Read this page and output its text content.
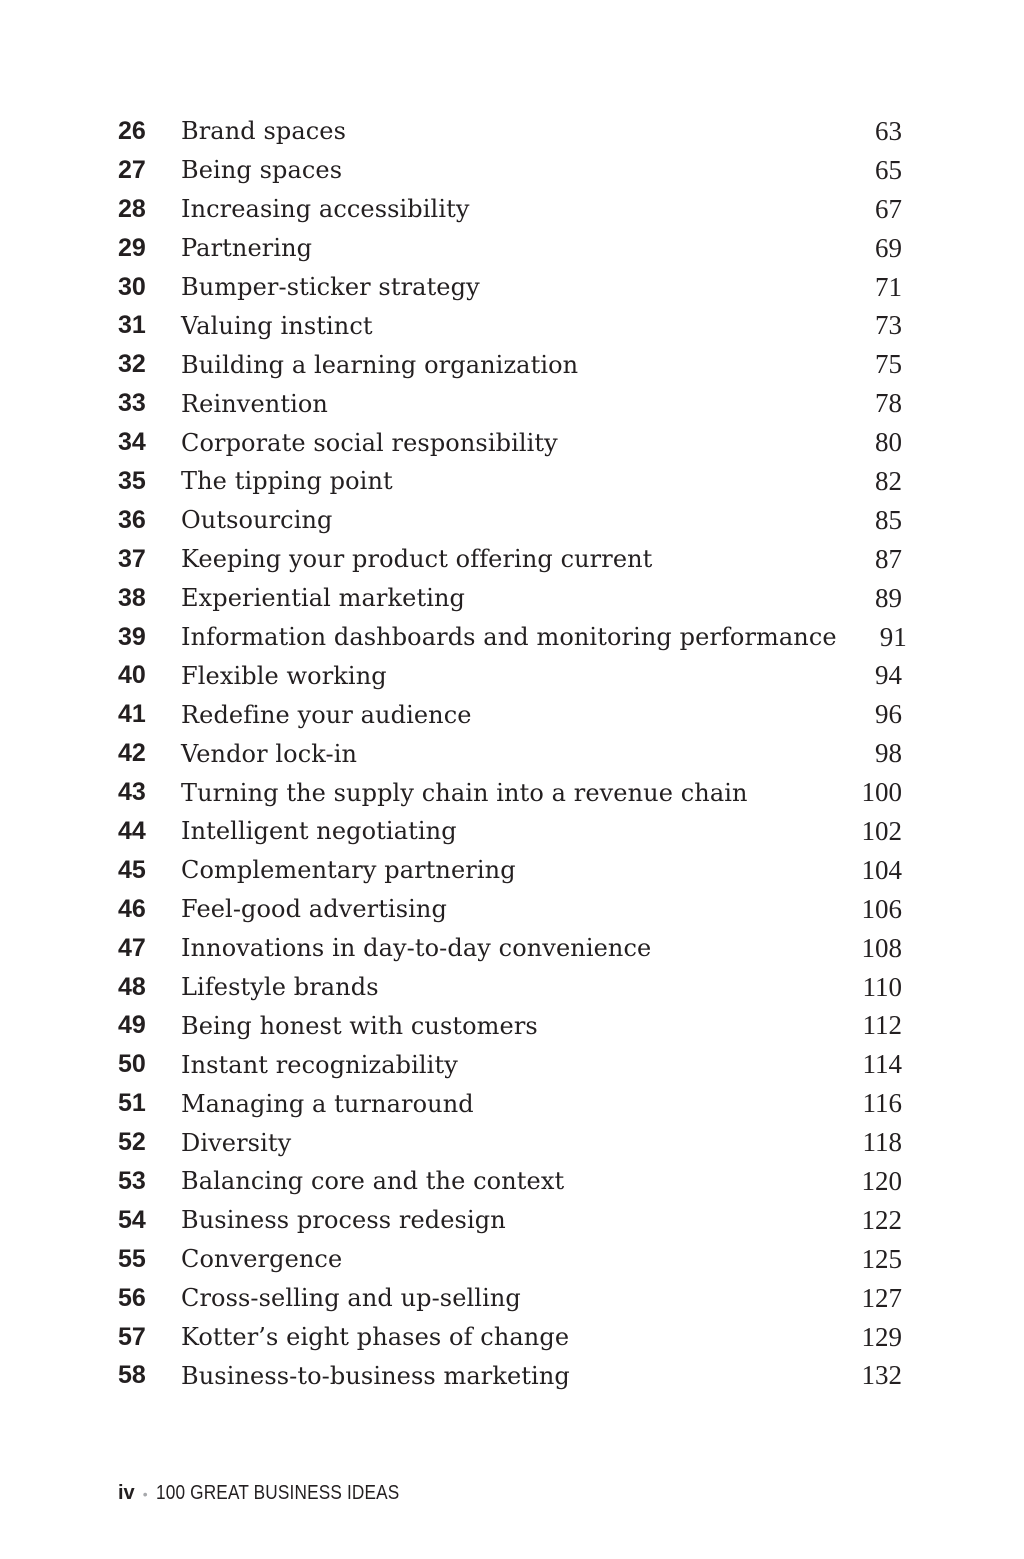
26	Brand spaces	63
27	Being spaces	65
28	Increasing accessibility	67
29	Partnering	69
30	Bumper-sticker strategy	71
31	Valuing instinct	73
32	Building a learning organization	75
33	Reinvention	78
34	Corporate social responsibility	80
35	The tipping point	82
36	Outsourcing	85
37	Keeping your product offering current	87
38	Experiential marketing	89
39	Information dashboards and monitoring performance	91
40	Flexible working	94
41	Redefine your audience	96
42	Vendor lock-in	98
43	Turning the supply chain into a revenue chain	100
44	Intelligent negotiating	102
45	Complementary partnering	104
46	Feel-good advertising	106
47	Innovations in day-to-day convenience	108
48	Lifestyle brands	110
49	Being honest with customers	112
50	Instant recognizability	114
51	Managing a turnaround	116
52	Diversity	118
53	Balancing core and the context	120
54	Business process redesign	122
55	Convergence	125
56	Cross-selling and up-selling	127
57	Kotter’s eight phases of change	129
58	Business-to-business marketing	132
iv • 100 GREAT BUSINESS IDEAS
